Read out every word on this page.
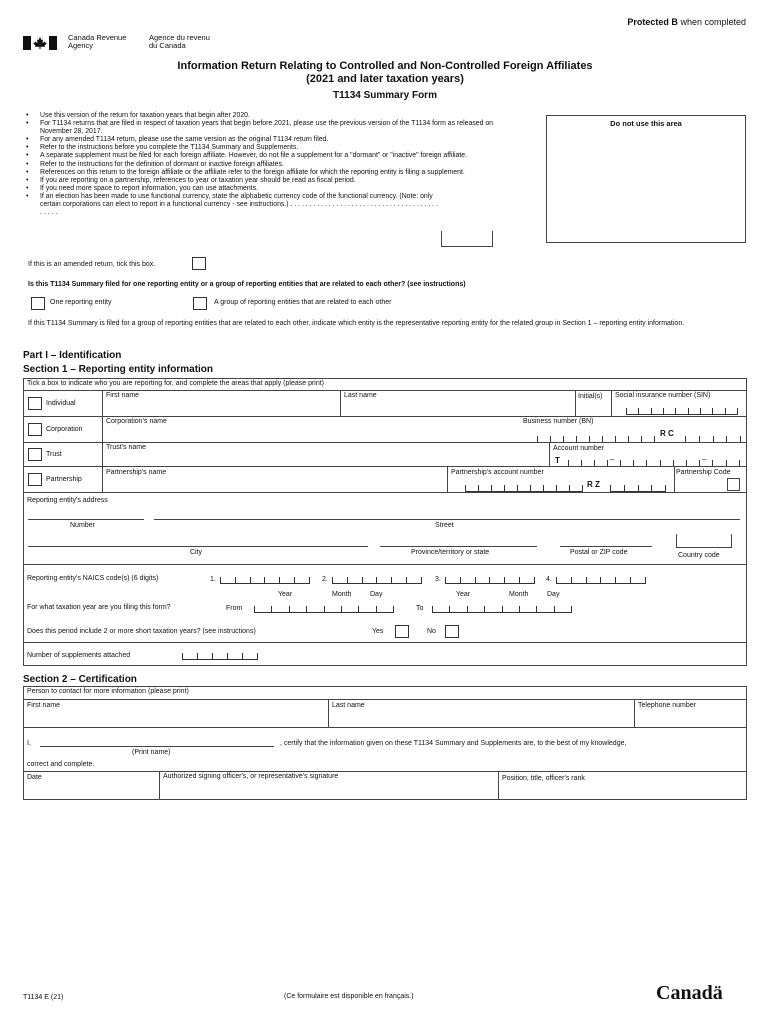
Protected B when completed
Canada Revenue
Agency
Agence du revenu
du Canada
Information Return Relating to Controlled and Non-Controlled Foreign Affiliates
(2021 and later taxation years)
T1134 Summary Form
• Use this version of the return for taxation years that begin after 2020.
• For T1134 returns that are filed in respect of taxation years that begin before 2021, please use the previous version of the T1134 form as released on November 28, 2017.
• For any amended T1134 return, please use the same version as the original T1134 return filed.
• Refer to the instructions before you complete the T1134 Summary and Supplements.
• A separate supplement must be filed for each foreign affiliate. However, do not file a supplement for a "dormant" or "inactive" foreign affiliate.
• Refer to the instructions for the definition of dormant or inactive foreign affiliates.
• References on this return to the foreign affiliate or the affiliate refer to the foreign affiliate for which the reporting entity is filing a supplement.
• If you are reporting on a partnership, references to year or taxation year should be read as fiscal period.
• If you need more space to report information, you can use attachments.
• If an election has been made to use functional currency, state the alphabetic currency code of the functional currency. (Note: only certain corporations can elect to report in a functional currency - see instructions.) . . . . . . . . . . . . . . . . . . . . . . . . . . . . . . . . . . . . . . . . . . . .
Do not use this area
If this is an amended return, tick this box.
Is this T1134 Summary filed for one reporting entity or a group of reporting entities that are related to each other? (see instructions)
One reporting entity	A group of reporting entities that are related to each other
If this T1134 Summary is filed for a group of reporting entities that are related to each other, indicate which entity is the representative reporting entity for the related group in Section 1 – reporting entity information.
Part I – Identification
Section 1 – Reporting entity information
Tick a box to indicate who you are reporting for, and complete the areas that apply (please print)
Individual
First name	Last name	Initial(s) Social insurance number (SIN)
Corporation
Corporation's name	Business number (BN)
R C
Trust
Trust's name	Account number
T	–	–
Partnership
Partnership's name	Partnership's account number
R Z
Partnership Code
Reporting entity's address
Number	Street
City	Province/territory or state	Postal or ZIP code	Country code
Reporting entity's NAICS code(s) (6 digits)	1.	2.	3.	4.
Year	Month	Day	Year	Month	Day
For what taxation year are you filing this form?	From	To
Does this period include 2 or more short taxation years? (see instructions)	Yes	No
Number of supplements attached
Section 2 – Certification
Person to contact for more information (please print)
First name	Last name	Telephone number
I,	, certify that the information given on these T1134 Summary and Supplements are, to the best of my knowledge,
(Print name)
correct and complete.
Date	Authorized signing officer's, or representative's signature	Position, title, officer's rank
T1134 E (21)	(Ce formulaire est disponible en français.)	Canadä
